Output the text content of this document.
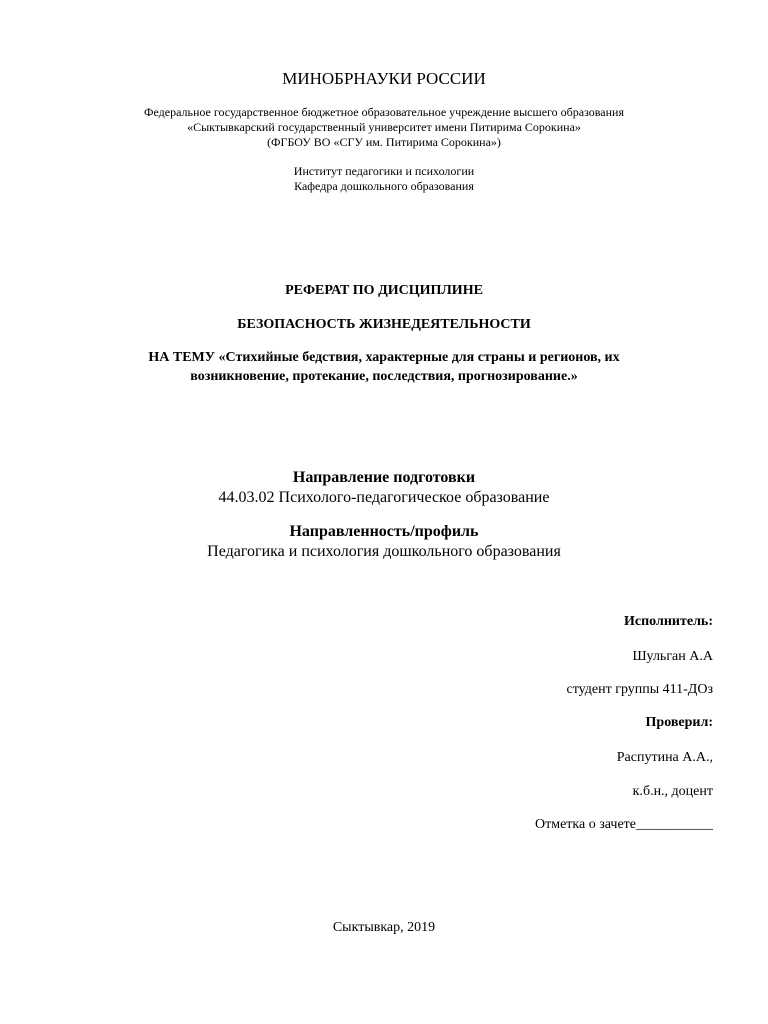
МИНОБРНАУКИ РОССИИ
Федеральное государственное бюджетное образовательное учреждение высшего образования
«Сыктывкарский государственный университет имени Питирима Сорокина»
(ФГБОУ ВО «СГУ им. Питирима Сорокина»)
Институт педагогики и психологии
Кафедра дошкольного образования
РЕФЕРАТ ПО ДИСЦИПЛИНЕ
БЕЗОПАСНОСТЬ ЖИЗНЕДЕЯТЕЛЬНОСТИ
НА ТЕМУ «Стихийные бедствия, характерные для страны и регионов, их
возникновение, протекание, последствия, прогнозирование.»
Направление подготовки
44.03.02 Психолого-педагогическое образование
Направленность/профиль
Педагогика и психология дошкольного образования
Исполнитель:
Шульган А.А
студент группы 411-ДОз
Проверил:
Распутина А.А.,
к.б.н., доцент
Отметка о зачете___________
Сыктывкар, 2019
